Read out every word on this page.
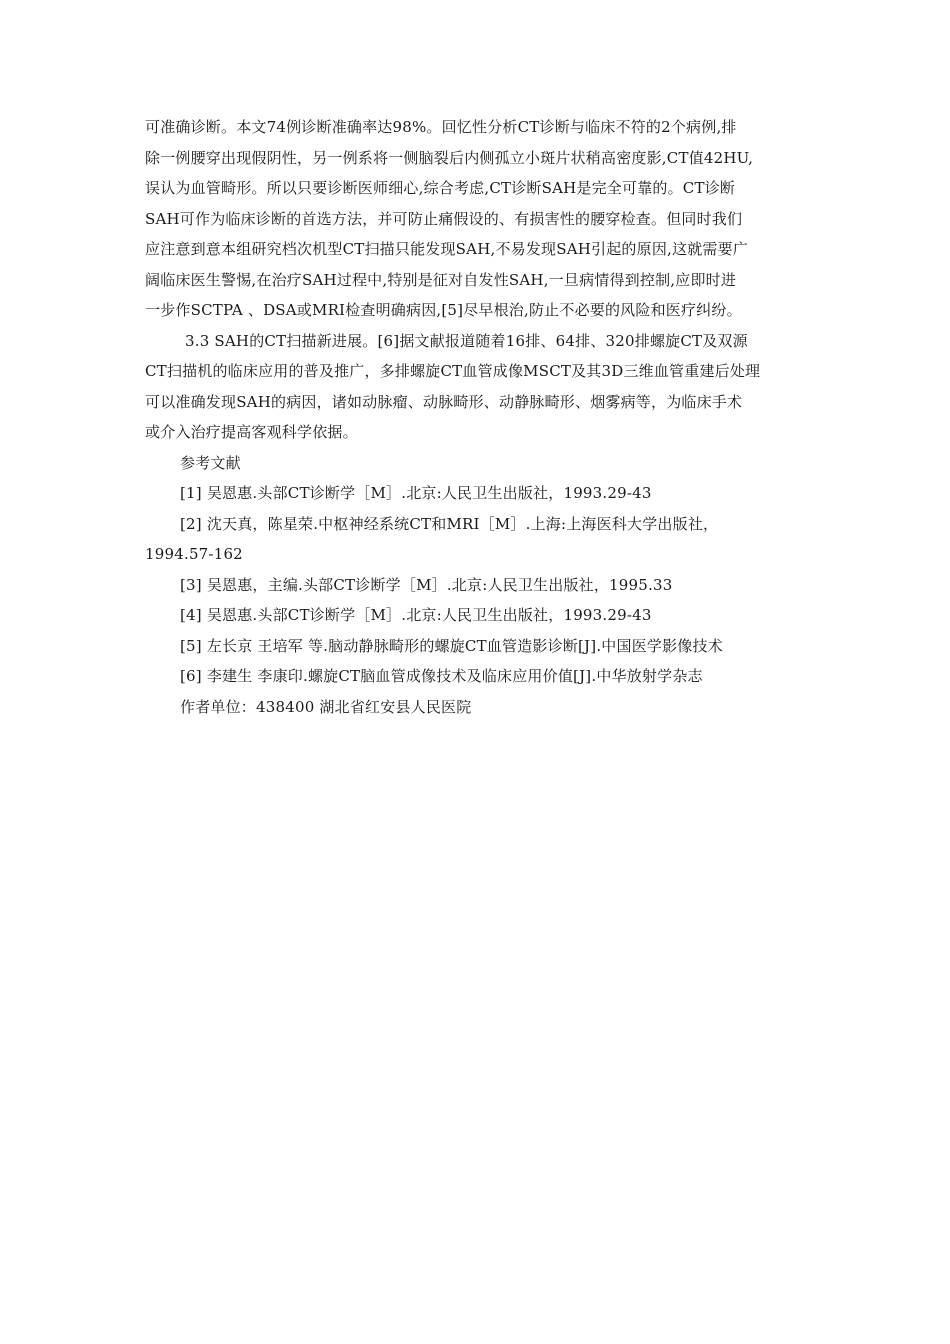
可准确诊断。本文74例诊断准确率达98%。回忆性分析CT诊断与临床不符的2个病例,排
除一例腰穿出现假阴性，另一例系将一侧脑裂后内侧孤立小斑片状稍高密度影,CT值42HU,
误认为血管畸形。所以只要诊断医师细心,综合考虑,CT诊断SAH是完全可靠的。CT诊断
SAH可作为临床诊断的首选方法，并可防止痛假设的、有损害性的腰穿检查。但同时我们
应注意到意本组研究档次机型CT扫描只能发现SAH,不易发现SAH引起的原因,这就需要广
阔临床医生警惕,在治疗SAH过程中,特别是征对自发性SAH,一旦病情得到控制,应即时进
一步作SCTPA 、DSA或MRI检查明确病因,[5]尽早根治,防止不必要的风险和医疗纠纷。
3.3 SAH的CT扫描新进展。[6]据文献报道随着16排、64排、320排螺旋CT及双源
CT扫描机的临床应用的普及推广，多排螺旋CT血管成像MSCT及其3D三维血管重建后处理
可以准确发现SAH的病因，诸如动脉瘤、动脉畸形、动静脉畸形、烟雾病等，为临床手术
或介入治疗提高客观科学依据。
参考文献
[1] 吴恩惠.头部CT诊断学［M］.北京:人民卫生出版社，1993.29-43
[2] 沈天真，陈星荣.中枢神经系统CT和MRI［M］.上海:上海医科大学出版社，
1994.57-162
[3] 吴恩惠，主编.头部CT诊断学［M］.北京:人民卫生出版社，1995.33
[4] 吴恩惠.头部CT诊断学［M］.北京:人民卫生出版社，1993.29-43
[5] 左长京 王培军 等.脑动静脉畸形的螺旋CT血管造影诊断[J].中国医学影像技术
[6] 李建生 李康印.螺旋CT脑血管成像技术及临床应用价值[J].中华放射学杂志
作者单位：438400 湖北省红安县人民医院
